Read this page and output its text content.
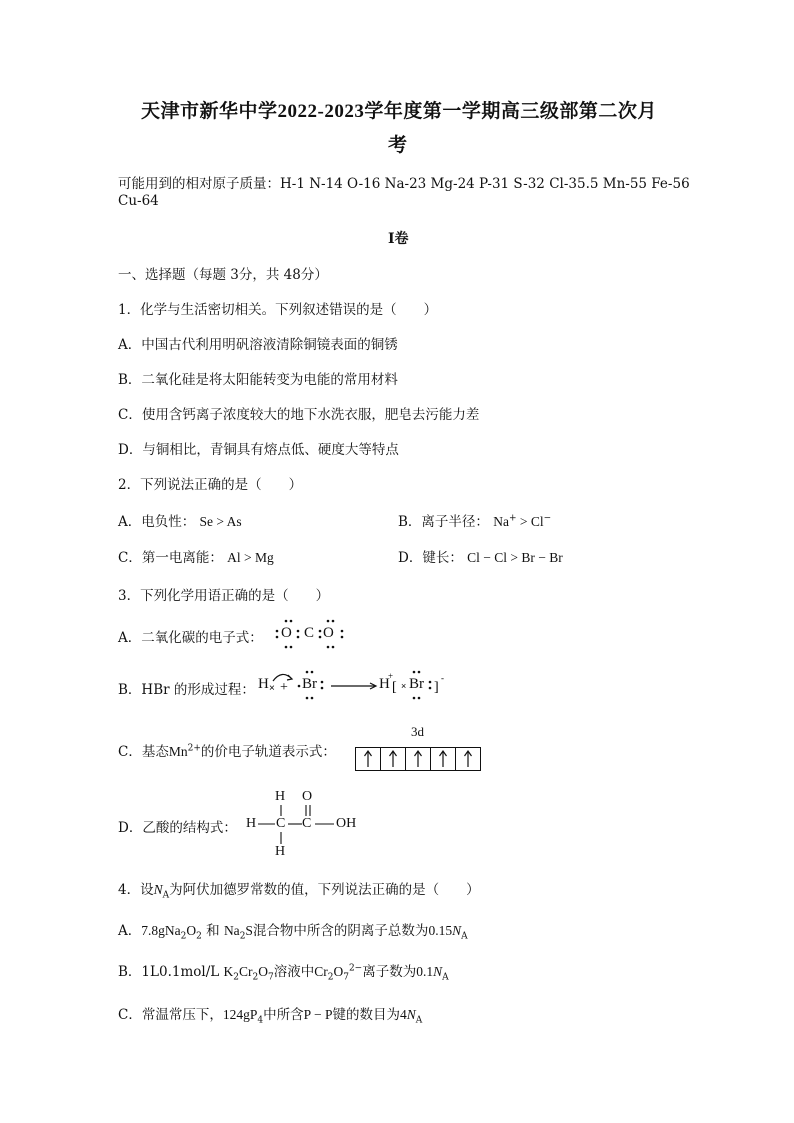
天津市新华中学2022-2023学年度第一学期高三级部第二次月
考
可能用到的相对原子质量：H-1 N-14 O-16 Na-23 Mg-24 P-31 S-32 Cl-35.5 Mn-55 Fe-56
Cu-64
I卷
一、选择题（每题 3分，共 48分）
1．化学与生活密切相关。下列叙述错误的是（　　）
A．中国古代利用明矾溶液清除铜镜表面的铜锈
B．二氧化硅是将太阳能转变为电能的常用材料
C．使用含钙离子浓度较大的地下水洗衣服，肥皂去污能力差
D．与铜相比，青铜具有熔点低、硬度大等特点
2．下列说法正确的是（　　）
A．电负性： Se > As	B．离子半径： Na+ > Cl−
C．第一电离能： Al > Mg	D．键长： Cl − Cl > Br − Br
3．下列化学用语正确的是（　　）
A．二氧化碳的电子式： O C O
B．HBr 的形成过程： × +	[ × ]
-
+
H Br	H Br
C．基态$Mn^{2+}$的价电子轨道表示式：
3d
D．乙酸的结构式：
H O
H C C OH
H
4．设$N_A$为阿伏加德罗常数的值，下列说法正确的是（　　）
A．$7.8gNa_2O_2$ 和 $Na_2S$混合物中所含的阴离子总数为$0.15N_A$
B．1L0.1mol/L $K_2Cr_2O_7$溶液中$Cr_2O_7^{2-}$离子数为$0.1N_A$
C．常温常压下，$124gP_4$中所含P − P键的数目为$4N_A$
